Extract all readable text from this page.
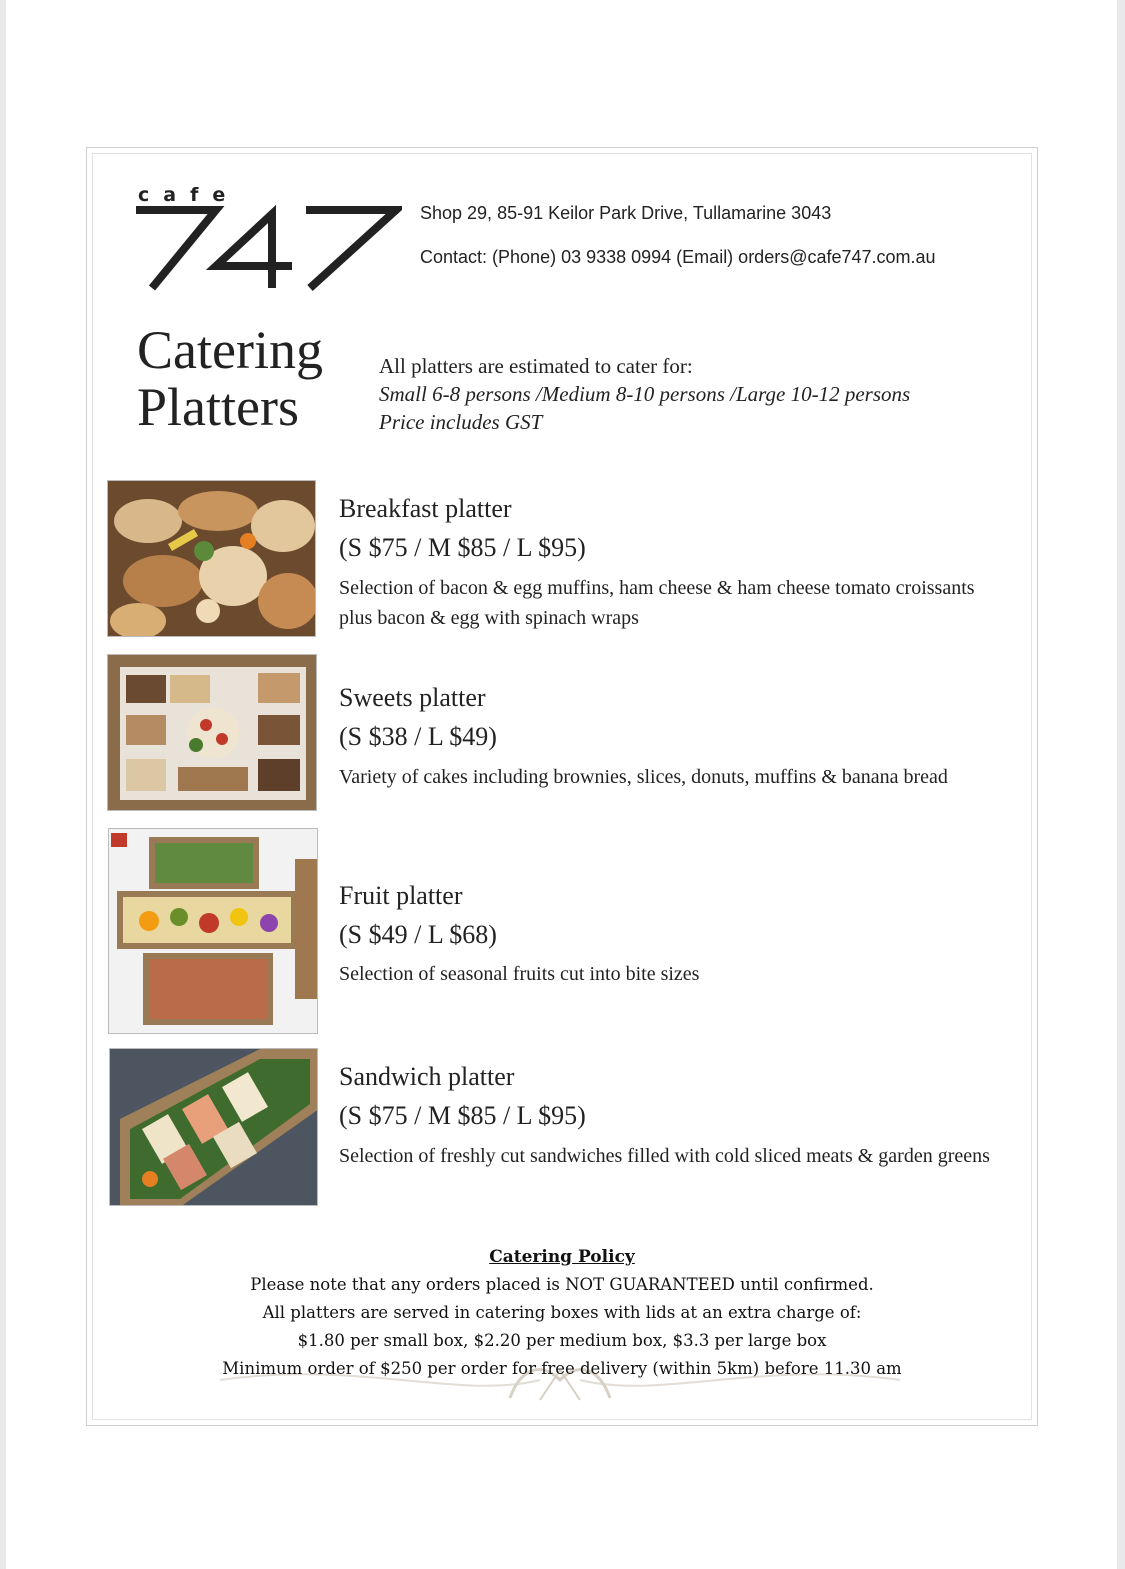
cafe
Shop 29, 85-91 Keilor Park Drive, Tullamarine 3043
Contact: (Phone) 03 9338 0994 (Email) orders@cafe747.com.au
Catering
Platters
All platters are estimated to cater for:
Small 6-8 persons /Medium 8-10 persons /Large 10-12 persons
Price includes GST
Breakfast platter
(S $75 / M $85 / L $95)
Selection of bacon & egg muffins, ham cheese & ham cheese tomato croissants plus bacon & egg with spinach wraps
Sweets platter
(S $38 / L $49)
Variety of cakes including brownies, slices, donuts, muffins & banana bread
Fruit platter
(S $49 / L $68)
Selection of seasonal fruits cut into bite sizes
Sandwich platter
(S $75 / M $85 / L $95)
Selection of freshly cut sandwiches filled with cold sliced meats & garden greens
Catering Policy
Please note that any orders placed is NOT GUARANTEED until confirmed.
All platters are served in catering boxes with lids at an extra charge of:
$1.80 per small box, $2.20 per medium box, $3.3 per large box
Minimum order of $250 per order for free delivery (within 5km) before 11.30 am
